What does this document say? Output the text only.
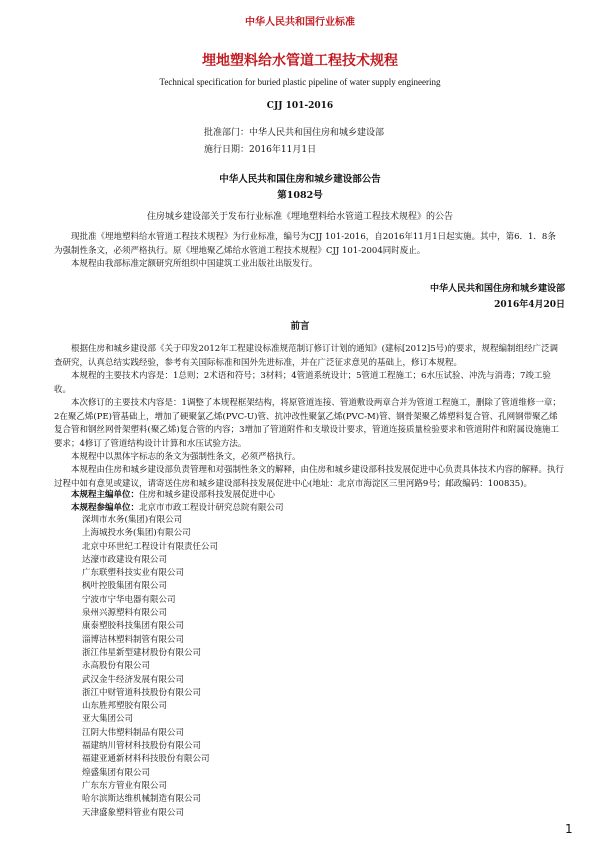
中华人民共和国行业标准
埋地塑料给水管道工程技术规程
Technical specification for buried plastic pipeline of water supply engineering
CJJ 101-2016
批准部门：中华人民共和国住房和城乡建设部
施行日期：2016年11月1日
中华人民共和国住房和城乡建设部公告
第1082号
住房城乡建设部关于发布行业标准《埋地塑料给水管道工程技术规程》的公告

现批准《埋地塑料给水管道工程技术规程》为行业标准，编号为CJJ 101-2016，自2016年11月1日起实施。其中，第6．1．8条为强制性条文，必须严格执行。原《埋地聚乙烯给水管道工程技术规程》CJJ 101-2004同时废止。

本规程由我部标准定额研究所组织中国建筑工业出版社出版发行。

中华人民共和国住房和城乡建设部
2016年4月20日
前言

根据住房和城乡建设部《关于印发2012年工程建设标准规范制订修订计划的通知》(建标[2012]5号)的要求，规程编制组经广泛调查研究，认真总结实践经验，参考有关国际标准和国外先进标准，并在广泛征求意见的基础上，修订本规程。

本规程的主要技术内容是：1总则；2术语和符号；3材料；4管道系统设计；5管道工程施工；6水压试验、冲洗与消毒；7竣工验收。

本次修订的主要技术内容是：1调整了本规程框架结构，将原管道连接、管道敷设两章合并为管道工程施工，删除了管道维修一章；2在聚乙烯(PE)管基础上，增加了硬聚氯乙烯(PVC-U)管、抗冲改性聚氯乙烯(PVC-M)管、钢骨架聚乙烯塑料复合管、孔网钢带聚乙烯复合管和钢丝网骨架塑料(聚乙烯)复合管的内容；3增加了管道附件和支墩设计要求，管道连接质量检验要求和管道附件和附属设施施工要求；4修订了管道结构设计计算和水压试验方法。

本规程中以黑体字标志的条文为强制性条文，必须严格执行。

本规程由住房和城乡建设部负责管理和对强制性条文的解释，由住房和城乡建设部科技发展促进中心负责具体技术内容的解释。执行过程中如有意见或建议，请寄送住房和城乡建设部科技发展促进中心(地址：北京市海淀区三里河路9号；邮政编码：100835)。

本规程主编单位：住房和城乡建设部科技发展促进中心
本规程参编单位：北京市市政工程设计研究总院有限公司
深圳市水务(集团)有限公司
上海城投水务(集团)有限公司
北京中环世纪工程设计有限责任公司
达濠市政建设有限公司
广东联塑科技实业有限公司
枫叶控股集团有限公司
宁波市宁华电器有限公司
泉州兴源塑料有限公司
康泰塑胶科技集团有限公司
淄博洁林塑料制管有限公司
浙江伟星新型建材股份有限公司
永高股份有限公司
武汉金牛经济发展有限公司
浙江中财管道科技股份有限公司
山东胜邦塑胶有限公司
亚大集团公司
江阴大伟塑料制品有限公司
福建纳川管材科技股份有限公司
福建亚通新材料科技股份有限公司
煌盛集团有限公司
广东东方管业有限公司
哈尔滨斯达维机械制造有限公司
天津盛象塑料管业有限公司
1
